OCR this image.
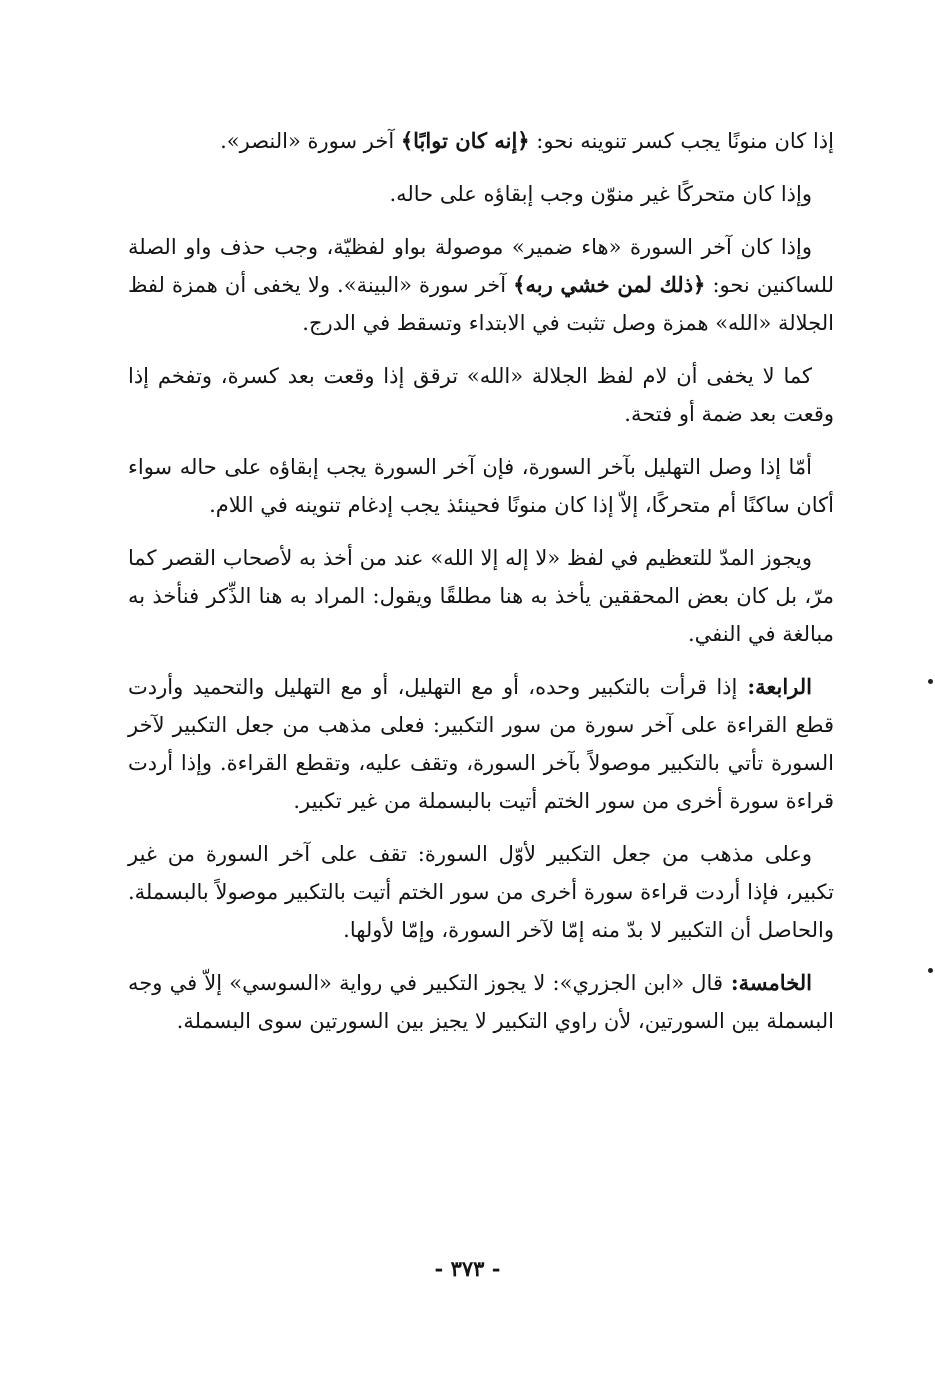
إذا كان منونًا يجب كسر تنوينه نحو: ﴿إنه كان توابًا﴾ آخر سورة «النصر».

وإذا كان متحركًا غير منوّن وجب إبقاؤه على حاله.

وإذا كان آخر السورة «هاء ضمير» موصولة بواو لفظيّة، وجب حذف واو الصلة للساكنين نحو: ﴿ذلك لمن خشي ربه﴾ آخر سورة «البينة». ولا يخفى أن همزة لفظ الجلالة «الله» همزة وصل تثبت في الابتداء وتسقط في الدرج.

كما لا يخفى أن لام لفظ الجلالة «الله» ترقق إذا وقعت بعد كسرة، وتفخم إذا وقعت بعد ضمة أو فتحة.

أمّا إذا وصل التهليل بآخر السورة، فإن آخر السورة يجب إبقاؤه على حاله سواء أكان ساكنًا أم متحركًا، إلاّ إذا كان منونًا فحينئذ يجب إدغام تنوينه في اللام.

ويجوز المدّ للتعظيم في لفظ «لا إله إلا الله» عند من أخذ به لأصحاب القصر كما مرّ، بل كان بعض المحققين يأخذ به هنا مطلقًا ويقول: المراد به هنا الذِّكر فنأخذ به مبالغة في النفي.

الرابعة: إذا قرأت بالتكبير وحده، أو مع التهليل، أو مع التهليل والتحميد وأردت قطع القراءة على آخر سورة من سور التكبير: فعلى مذهب من جعل التكبير لآخر السورة تأتي بالتكبير موصولاً بآخر السورة، وتقف عليه، وتقطع القراءة. وإذا أردت قراءة سورة أخرى من سور الختم أتيت بالبسملة من غير تكبير.

وعلى مذهب من جعل التكبير لأوّل السورة: تقف على آخر السورة من غير تكبير، فإذا أردت قراءة سورة أخرى من سور الختم أتيت بالتكبير موصولاً بالبسملة. والحاصل أن التكبير لا بدّ منه إمّا لآخر السورة، وإمّا لأولها.

الخامسة: قال «ابن الجزري»: لا يجوز التكبير في رواية «السوسي» إلاّ في وجه البسملة بين السورتين، لأن راوي التكبير لا يجيز بين السورتين سوى البسملة.

- ٣٧٣ -
